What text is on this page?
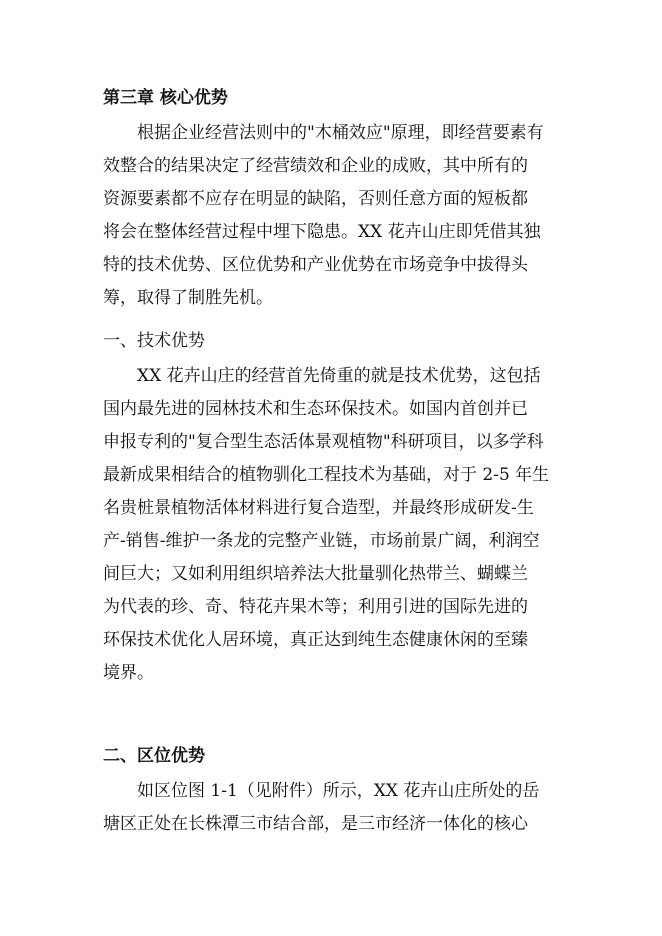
第三章 核心优势
根据企业经营法则中的"木桶效应"原理，即经营要素有
效整合的结果决定了经营绩效和企业的成败，其中所有的
资源要素都不应存在明显的缺陷，否则任意方面的短板都
将会在整体经营过程中埋下隐患。XX 花卉山庄即凭借其独
特的技术优势、区位优势和产业优势在市场竞争中拔得头
筹，取得了制胜先机。
一、技术优势
XX 花卉山庄的经营首先倚重的就是技术优势，这包括
国内最先进的园林技术和生态环保技术。如国内首创并已
申报专利的"复合型生态活体景观植物"科研项目，以多学科
最新成果相结合的植物驯化工程技术为基础，对于 2-5 年生
名贵桩景植物活体材料进行复合造型，并最终形成研发-生
产-销售-维护一条龙的完整产业链，市场前景广阔，利润空
间巨大；又如利用组织培养法大批量驯化热带兰、蝴蝶兰
为代表的珍、奇、特花卉果木等；利用引进的国际先进的
环保技术优化人居环境，真正达到纯生态健康休闲的至臻
境界。
二、区位优势
如区位图 1-1（见附件）所示，XX 花卉山庄所处的岳
塘区正处在长株潭三市结合部，是三市经济一体化的核心
